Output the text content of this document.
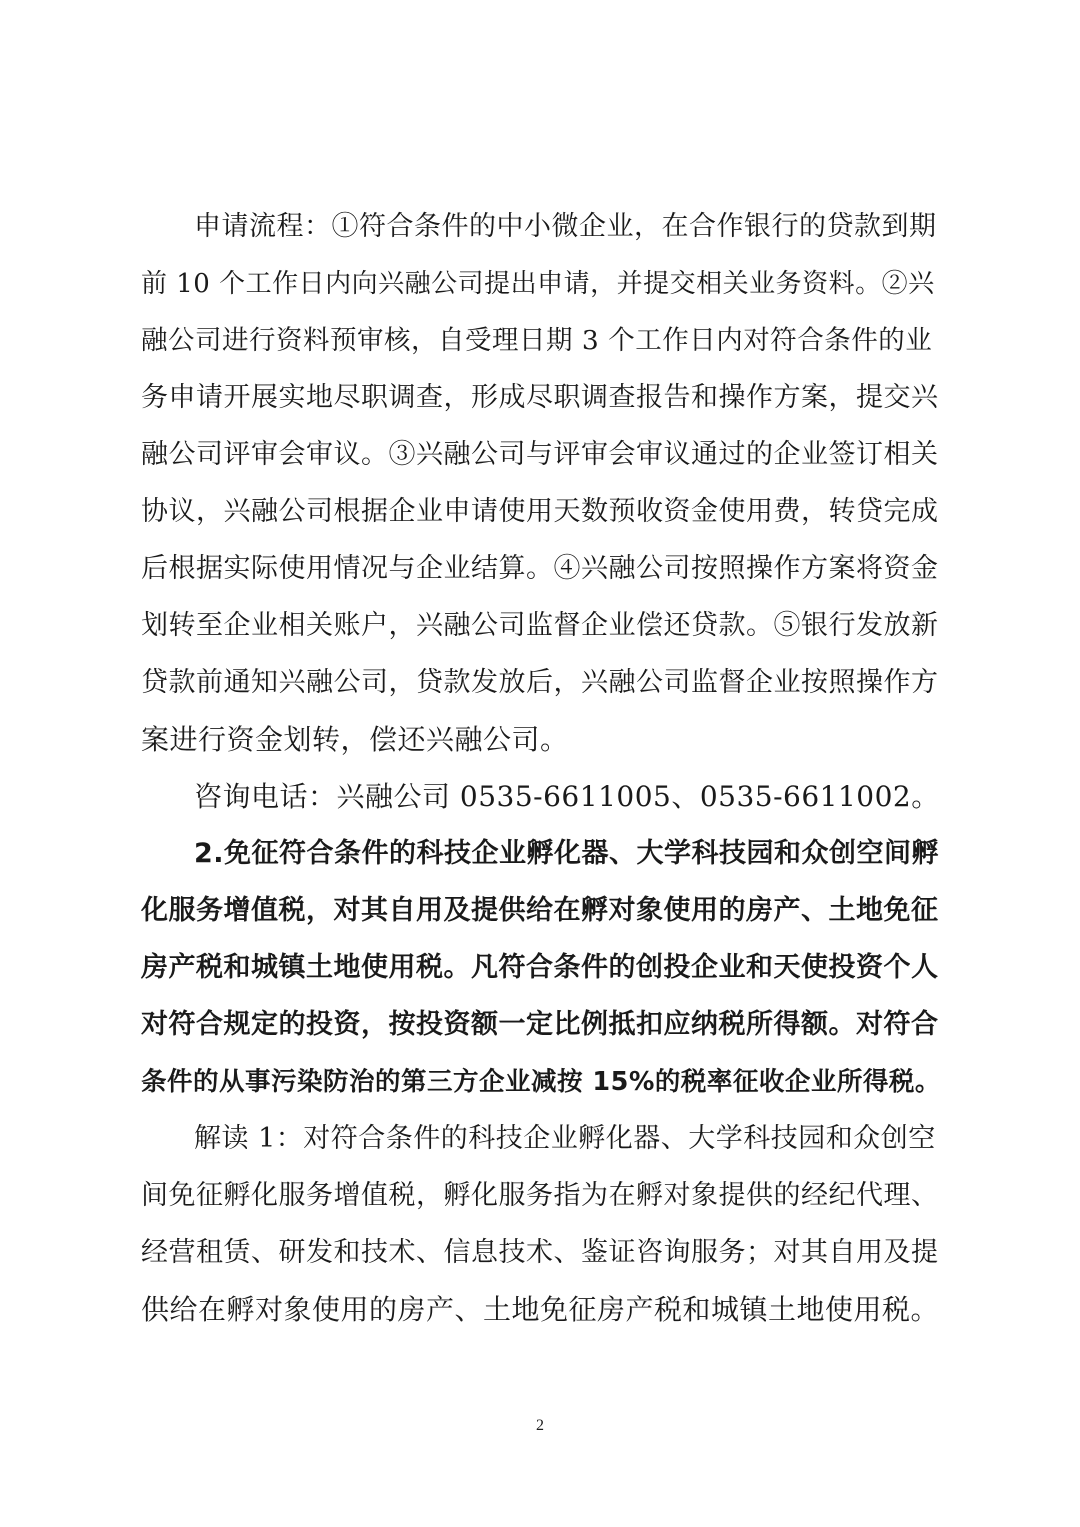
申请流程：①符合条件的中小微企业，在合作银行的贷款到期
前 10 个工作日内向兴融公司提出申请，并提交相关业务资料。②兴
融公司进行资料预审核，自受理日期 3 个工作日内对符合条件的业
务申请开展实地尽职调查，形成尽职调查报告和操作方案，提交兴
融公司评审会审议。③兴融公司与评审会审议通过的企业签订相关
协议，兴融公司根据企业申请使用天数预收资金使用费，转贷完成
后根据实际使用情况与企业结算。④兴融公司按照操作方案将资金
划转至企业相关账户，兴融公司监督企业偿还贷款。⑤银行发放新
贷款前通知兴融公司，贷款发放后，兴融公司监督企业按照操作方
案进行资金划转，偿还兴融公司。
咨询电话：兴融公司 0535-6611005、0535-6611002。
2.免征符合条件的科技企业孵化器、大学科技园和众创空间孵
化服务增值税，对其自用及提供给在孵对象使用的房产、土地免征
房产税和城镇土地使用税。凡符合条件的创投企业和天使投资个人
对符合规定的投资，按投资额一定比例抵扣应纳税所得额。对符合
条件的从事污染防治的第三方企业减按 15%的税率征收企业所得税。
解读 1：对符合条件的科技企业孵化器、大学科技园和众创空
间免征孵化服务增值税，孵化服务指为在孵对象提供的经纪代理、
经营租赁、研发和技术、信息技术、鉴证咨询服务；对其自用及提
供给在孵对象使用的房产、土地免征房产税和城镇土地使用税。
2
